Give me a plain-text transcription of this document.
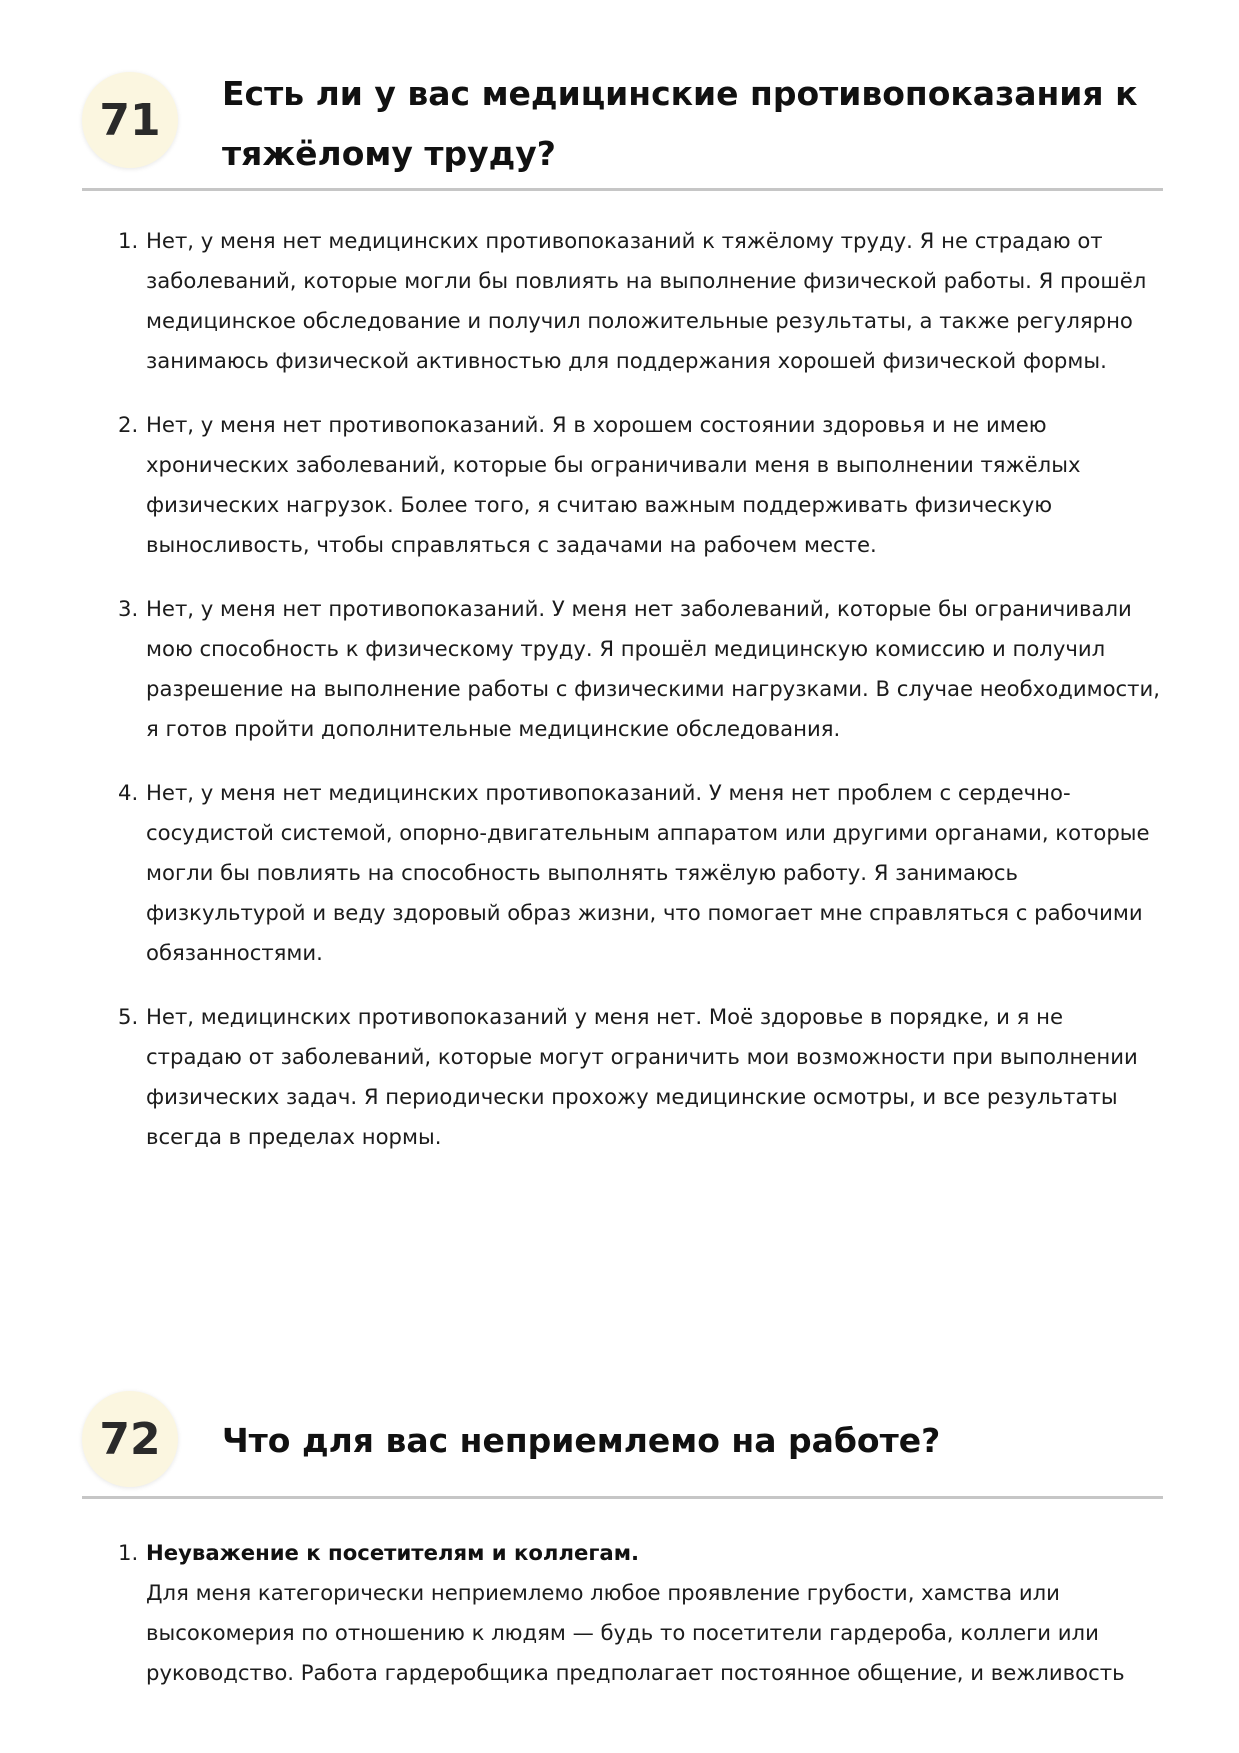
71
Есть ли у вас медицинские противопоказания к тяжёлому труду?
1. Нет, у меня нет медицинских противопоказаний к тяжёлому труду. Я не страдаю от заболеваний, которые могли бы повлиять на выполнение физической работы. Я прошёл медицинское обследование и получил положительные результаты, а также регулярно занимаюсь физической активностью для поддержания хорошей физической формы.
2. Нет, у меня нет противопоказаний. Я в хорошем состоянии здоровья и не имею хронических заболеваний, которые бы ограничивали меня в выполнении тяжёлых физических нагрузок. Более того, я считаю важным поддерживать физическую выносливость, чтобы справляться с задачами на рабочем месте.
3. Нет, у меня нет противопоказаний. У меня нет заболеваний, которые бы ограничивали мою способность к физическому труду. Я прошёл медицинскую комиссию и получил разрешение на выполнение работы с физическими нагрузками. В случае необходимости, я готов пройти дополнительные медицинские обследования.
4. Нет, у меня нет медицинских противопоказаний. У меня нет проблем с сердечно-сосудистой системой, опорно-двигательным аппаратом или другими органами, которые могли бы повлиять на способность выполнять тяжёлую работу. Я занимаюсь физкультурой и веду здоровый образ жизни, что помогает мне справляться с рабочими обязанностями.
5. Нет, медицинских противопоказаний у меня нет. Моё здоровье в порядке, и я не страдаю от заболеваний, которые могут ограничить мои возможности при выполнении физических задач. Я периодически прохожу медицинские осмотры, и все результаты всегда в пределах нормы.
72	Что для вас неприемлемо на работе?
1. Неуважение к посетителям и коллегам.
Для меня категорически неприемлемо любое проявление грубости, хамства или высокомерия по отношению к людям — будь то посетители гардероба, коллеги или руководство. Работа гардеробщика предполагает постоянное общение, и вежливость
